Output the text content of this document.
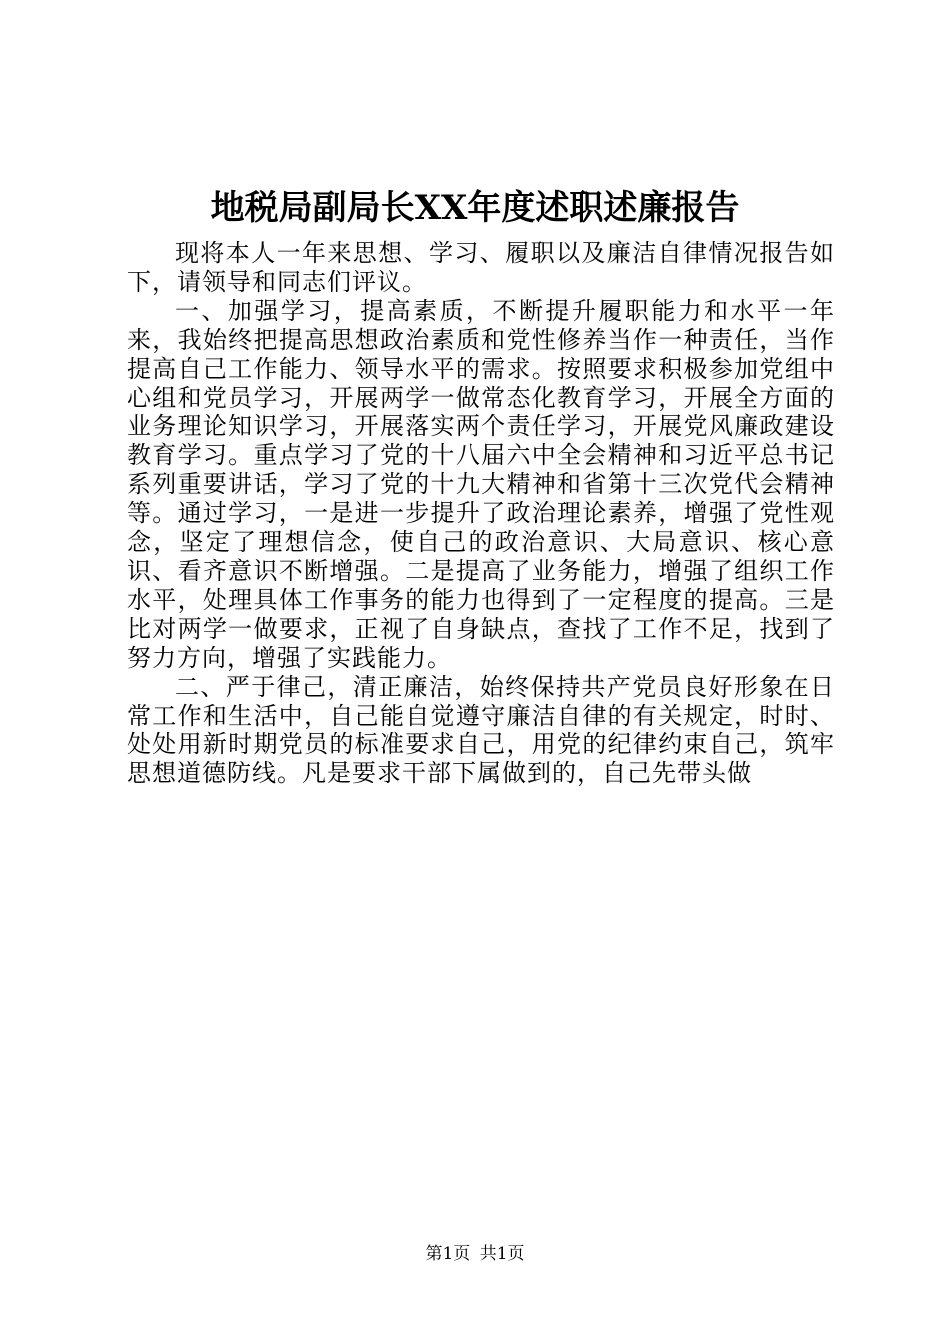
地税局副局长XX年度述职述廉报告

现将本人一年来思想、学习、履职以及廉洁自律情况报告如下，请领导和同志们评议。

一、加强学习，提高素质，不断提升履职能力和水平一年来，我始终把提高思想政治素质和党性修养当作一种责任，当作提高自己工作能力、领导水平的需求。按照要求积极参加党组中心组和党员学习，开展两学一做常态化教育学习，开展全方面的业务理论知识学习，开展落实两个责任学习，开展党风廉政建设教育学习。重点学习了党的十八届六中全会精神和习近平总书记系列重要讲话，学习了党的十九大精神和省第十三次党代会精神等。通过学习，一是进一步提升了政治理论素养，增强了党性观念，坚定了理想信念，使自己的政治意识、大局意识、核心意识、看齐意识不断增强。二是提高了业务能力，增强了组织工作水平，处理具体工作事务的能力也得到了一定程度的提高。三是比对两学一做要求，正视了自身缺点，查找了工作不足，找到了努力方向，增强了实践能力。

二、严于律己，清正廉洁，始终保持共产党员良好形象在日常工作和生活中，自己能自觉遵守廉洁自律的有关规定，时时、处处用新时期党员的标准要求自己，用党的纪律约束自己，筑牢思想道德防线。凡是要求干部下属做到的，自己先带头做

第1页 共1页
